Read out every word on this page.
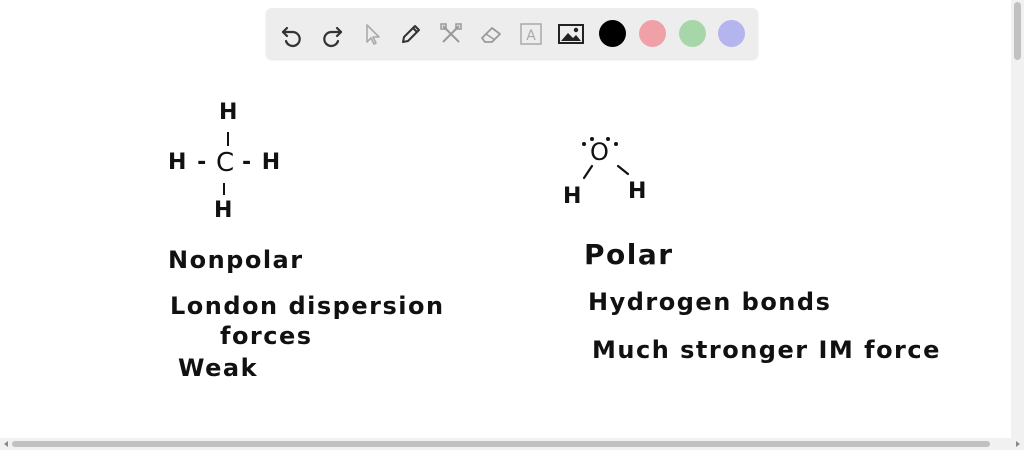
A
H
H - C - H
H
Nonpolar
London dispersion
forces
Weak
O
H H
Polar
Hydrogen bonds
Much stronger IM force
